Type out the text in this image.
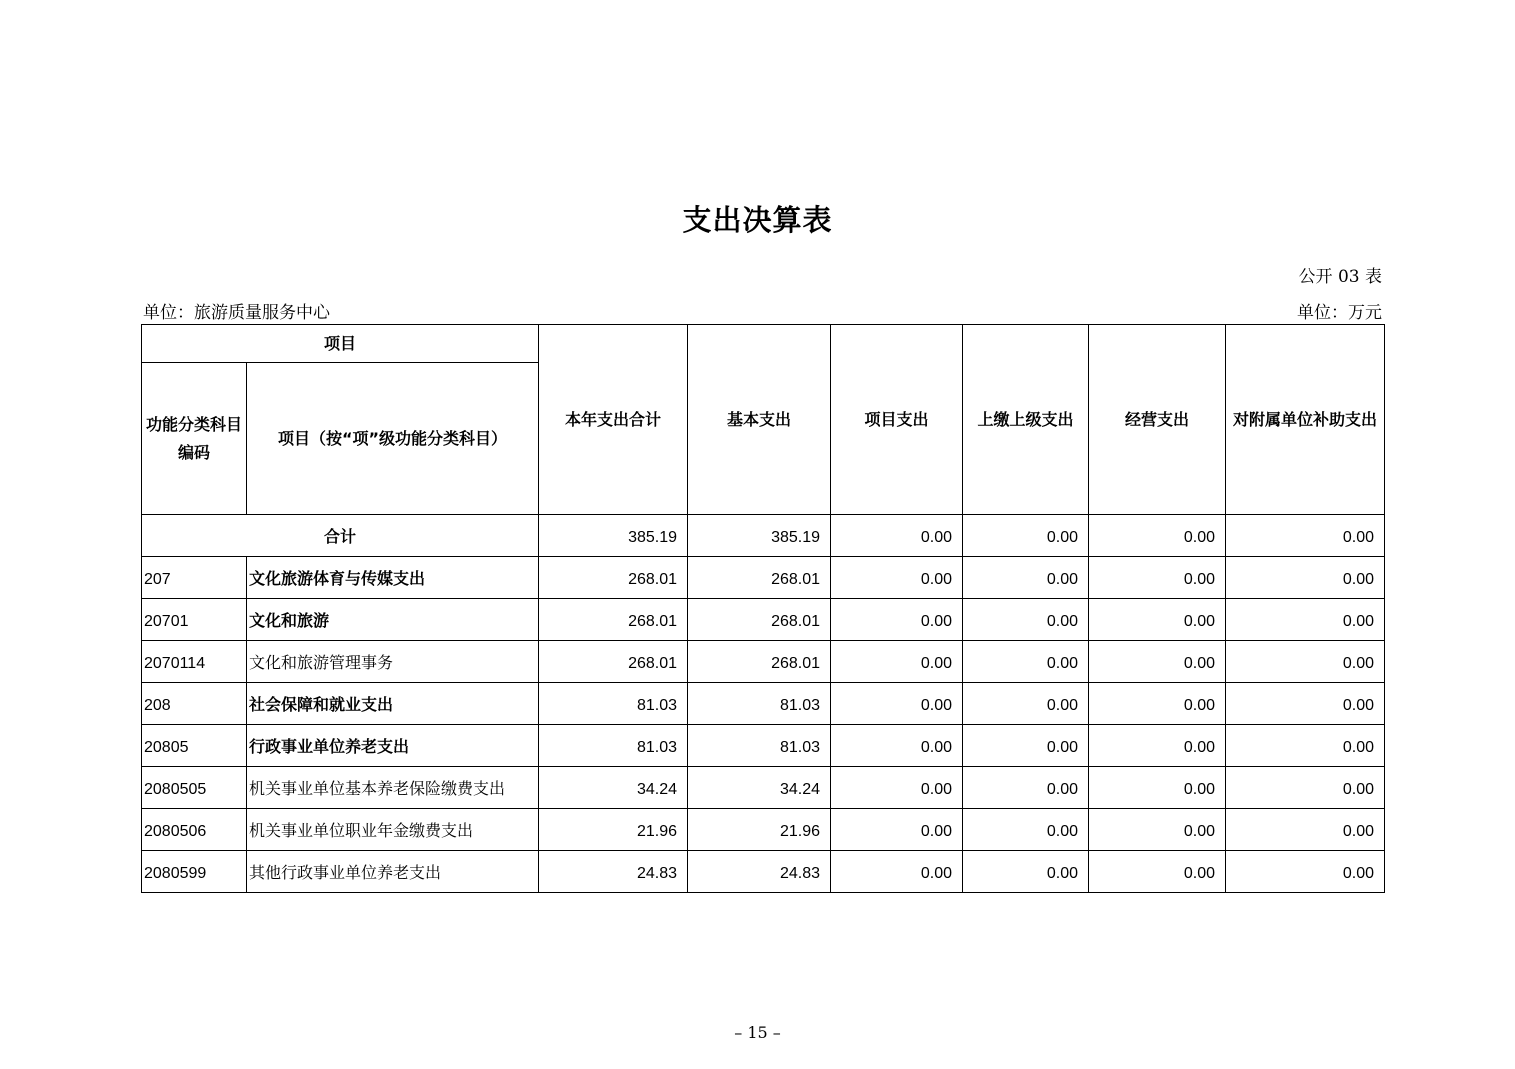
支出决算表
公开 03 表
单位：旅游质量服务中心	单位：万元
项目		本年支出合计	基本支出	项目支出	上缴上级支出	经营支出	对附属单位补助支出
功能分类科目编码	项目（按“项”级功能分类科目）						
合计		385.19	385.19	0.00	0.00	0.00	0.00
207	文化旅游体育与传媒支出	268.01	268.01	0.00	0.00	0.00	0.00
20701	文化和旅游	268.01	268.01	0.00	0.00	0.00	0.00
2070114	文化和旅游管理事务	268.01	268.01	0.00	0.00	0.00	0.00
208	社会保障和就业支出	81.03	81.03	0.00	0.00	0.00	0.00
20805	行政事业单位养老支出	81.03	81.03	0.00	0.00	0.00	0.00
2080505	机关事业单位基本养老保险缴费支出	34.24	34.24	0.00	0.00	0.00	0.00
2080506	机关事业单位职业年金缴费支出	21.96	21.96	0.00	0.00	0.00	0.00
2080599	其他行政事业单位养老支出	24.83	24.83	0.00	0.00	0.00	0.00
– 15 –
